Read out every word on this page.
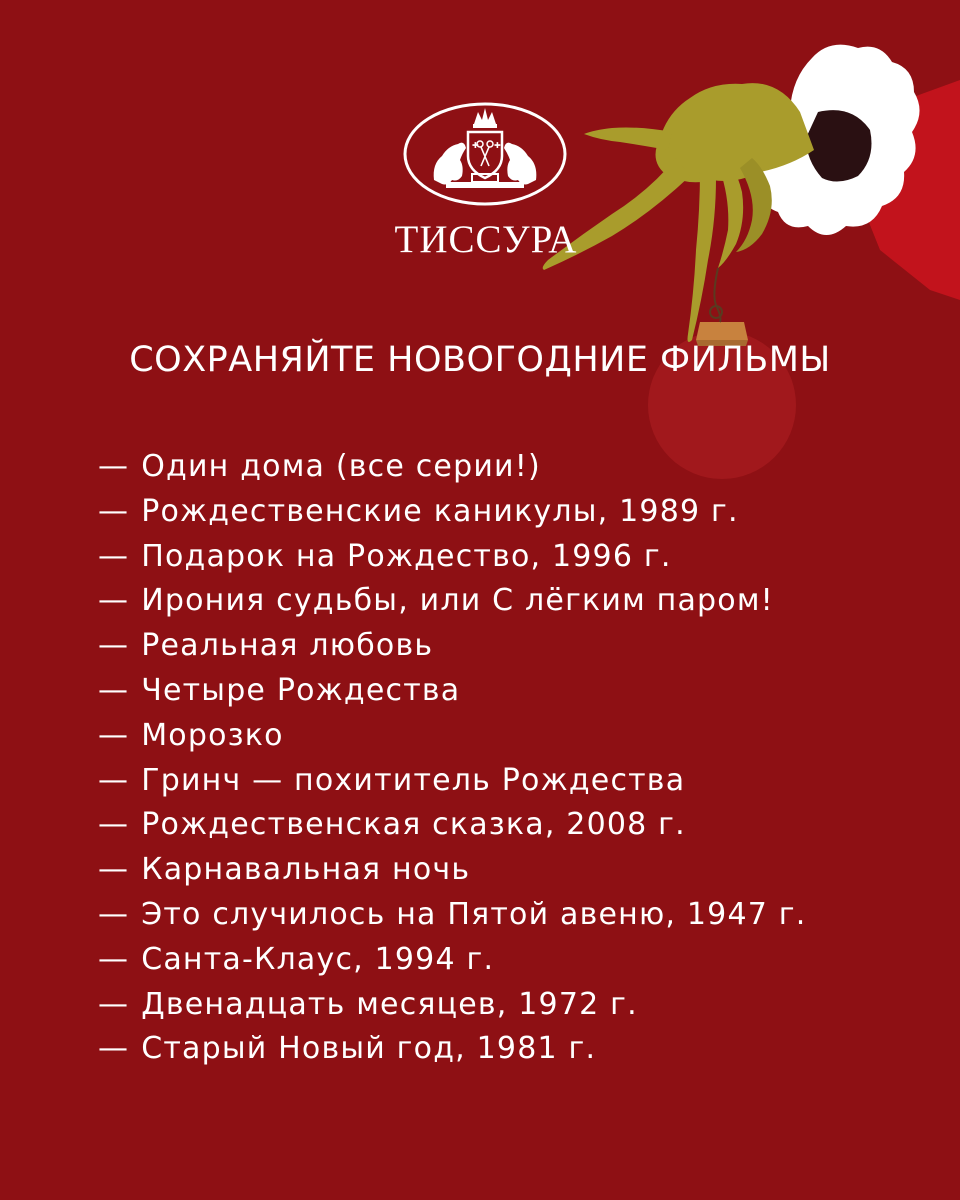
✚ ✚
ТИССУРА
СОХРАНЯЙТЕ НОВОГОДНИЕ ФИЛЬМЫ
— Один дома (все серии!)
— Рождественские каникулы, 1989 г.
— Подарок на Рождество, 1996 г.
— Ирония судьбы, или С лёгким паром!
— Реальная любовь
— Четыре Рождества
— Морозко
— Гринч — похититель Рождества
— Рождественская сказка, 2008 г.
— Карнавальная ночь
— Это случилось на Пятой авеню, 1947 г.
— Санта-Клаус, 1994 г.
— Двенадцать месяцев, 1972 г.
— Старый Новый год, 1981 г.
